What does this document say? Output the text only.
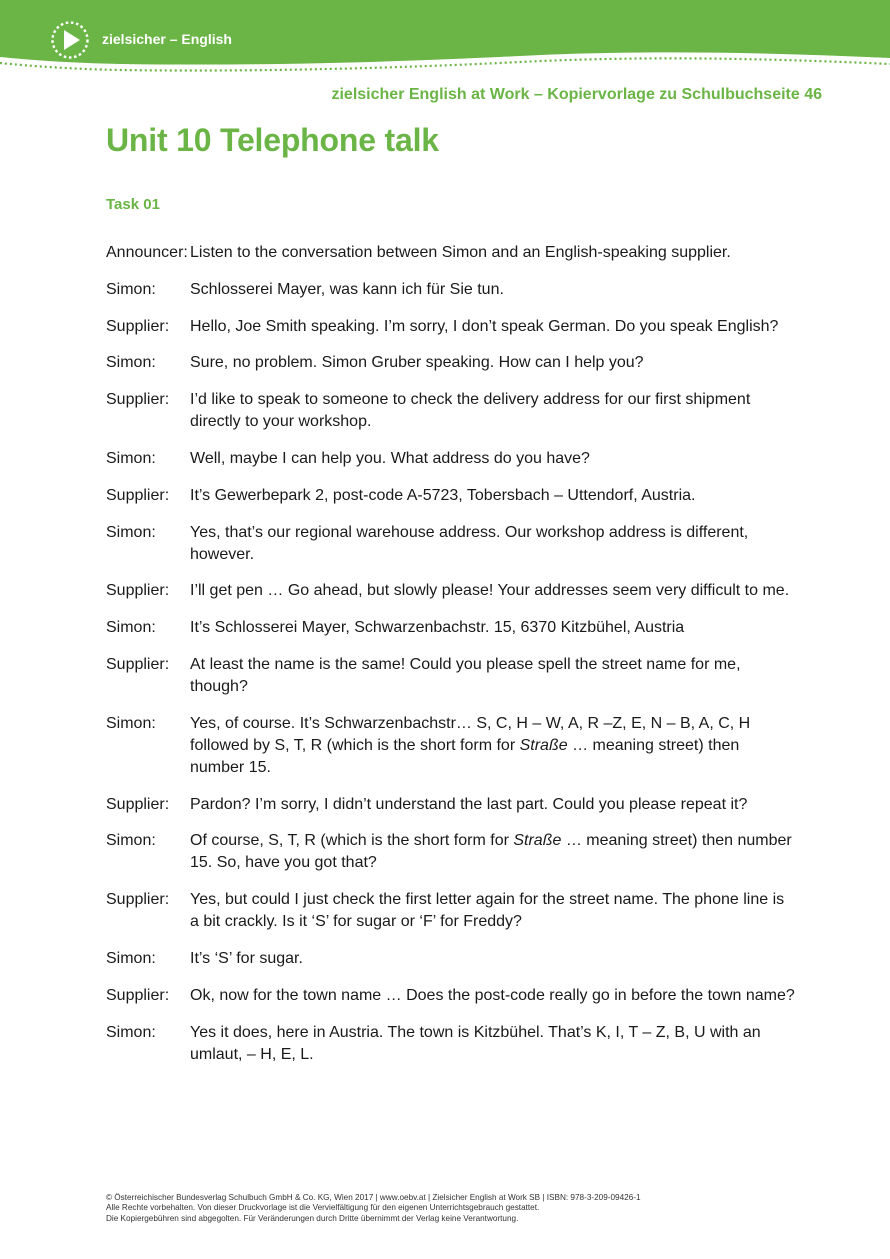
zielsicher – English
zielsicher English at Work – Kopiervorlage zu Schulbuchseite 46
Unit 10 Telephone talk
Task 01
Announcer: Listen to the conversation between Simon and an English-speaking supplier.
Simon: Schlosserei Mayer, was kann ich für Sie tun.
Supplier: Hello, Joe Smith speaking. I’m sorry, I don’t speak German. Do you speak English?
Simon: Sure, no problem. Simon Gruber speaking. How can I help you?
Supplier: I’d like to speak to someone to check the delivery address for our first shipment directly to your workshop.
Simon: Well, maybe I can help you. What address do you have?
Supplier: It’s Gewerbepark 2, post-code A-5723, Tobersbach – Uttendorf, Austria.
Simon: Yes, that’s our regional warehouse address. Our workshop address is different, however.
Supplier: I’ll get pen … Go ahead, but slowly please! Your addresses seem very difficult to me.
Simon: It’s Schlosserei Mayer, Schwarzenbachstr. 15, 6370 Kitzbühel, Austria
Supplier: At least the name is the same! Could you please spell the street name for me, though?
Simon: Yes, of course. It’s Schwarzenbachstr… S, C, H – W, A, R –Z, E, N – B, A, C, H followed by S, T, R (which is the short form for Straße … meaning street) then number 15.
Supplier: Pardon? I’m sorry, I didn’t understand the last part. Could you please repeat it?
Simon: Of course, S, T, R (which is the short form for Straße … meaning street) then number 15. So, have you got that?
Supplier: Yes, but could I just check the first letter again for the street name. The phone line is a bit crackly. Is it ‘S’ for sugar or ‘F’ for Freddy?
Simon: It’s ‘S’ for sugar.
Supplier: Ok, now for the town name … Does the post-code really go in before the town name?
Simon: Yes it does, here in Austria. The town is Kitzbühel. That’s K, I, T – Z, B, U with an umlaut, – H, E, L.
© Österreichischer Bundesverlag Schulbuch GmbH & Co. KG, Wien 2017 | www.oebv.at | Zielsicher English at Work SB | ISBN: 978-3-209-09426-1
Alle Rechte vorbehalten. Von dieser Druckvorlage ist die Vervielfältigung für den eigenen Unterrichtsgebrauch gestattet.
Die Kopiergebühren sind abgegolten. Für Veränderungen durch Dritte übernimmt der Verlag keine Verantwortung.
